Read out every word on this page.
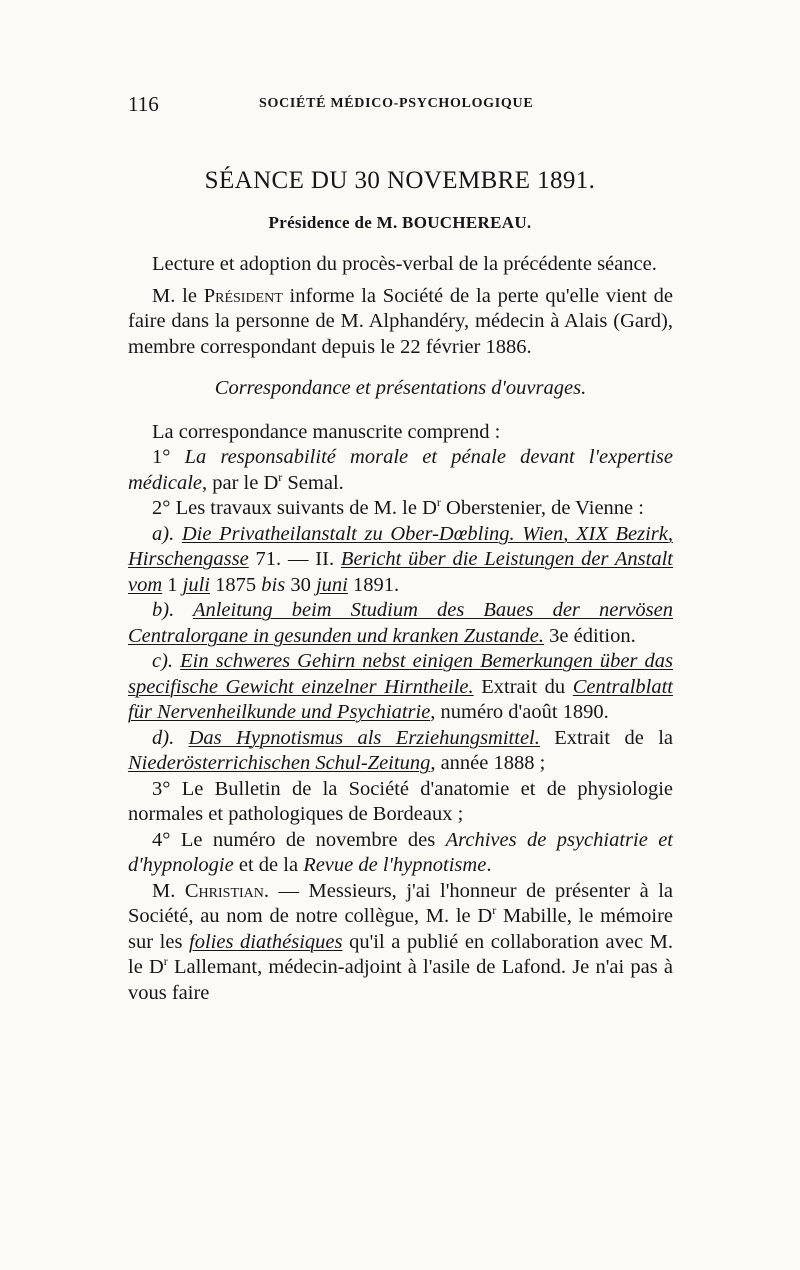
116	SOCIÉTÉ MÉDICO-PSYCHOLOGIQUE
SÉANCE DU 30 NOVEMBRE 1891.
Présidence de M. BOUCHEREAU.

Lecture et adoption du procès-verbal de la précédente séance.

M. le Président informe la Société de la perte qu'elle vient de faire dans la personne de M. Alphandéry, médecin à Alais (Gard), membre correspondant depuis le 22 février 1886.

Correspondance et présentations d'ouvrages.

La correspondance manuscrite comprend :

1° La responsabilité morale et pénale devant l'expertise médicale, par le $D^r$ Semal.

2° Les travaux suivants de M. le $D^r$ Oberstenier, de Vienne :

a). Die Privatheilanstalt zu Ober-Dœbling. Wien, XIX Bezirk, Hirschengasse 71. — II. Bericht über die Leistungen der Anstalt vom 1 juli 1875 bis 30 juni 1891.

b). Anleitung beim Studium des Baues der nervösen Centralorgane in gesunden und kranken Zustande. 3e édition.

c). Ein schweres Gehirn nebst einigen Bemerkungen über das specifische Gewicht einzelner Hirntheile. Extrait du Centralblatt für Nervenheilkunde und Psychiatrie, numéro d'août 1890.

d). Das Hypnotismus als Erziehungsmittel. Extrait de la Niederösterrichischen Schul-Zeitung, année 1888 ;

3° Le Bulletin de la Société d'anatomie et de physiologie normales et pathologiques de Bordeaux ;

4° Le numéro de novembre des Archives de psychiatrie et d'hypnologie et de la Revue de l'hypnotisme.

M. Christian. — Messieurs, j'ai l'honneur de présenter à la Société, au nom de notre collègue, M. le $D^r$ Mabille, le mémoire sur les folies diathésiques qu'il a publié en collaboration avec M. le $D^r$ Lallemant, médecin-adjoint à l'asile de Lafond. Je n'ai pas à vous faire
